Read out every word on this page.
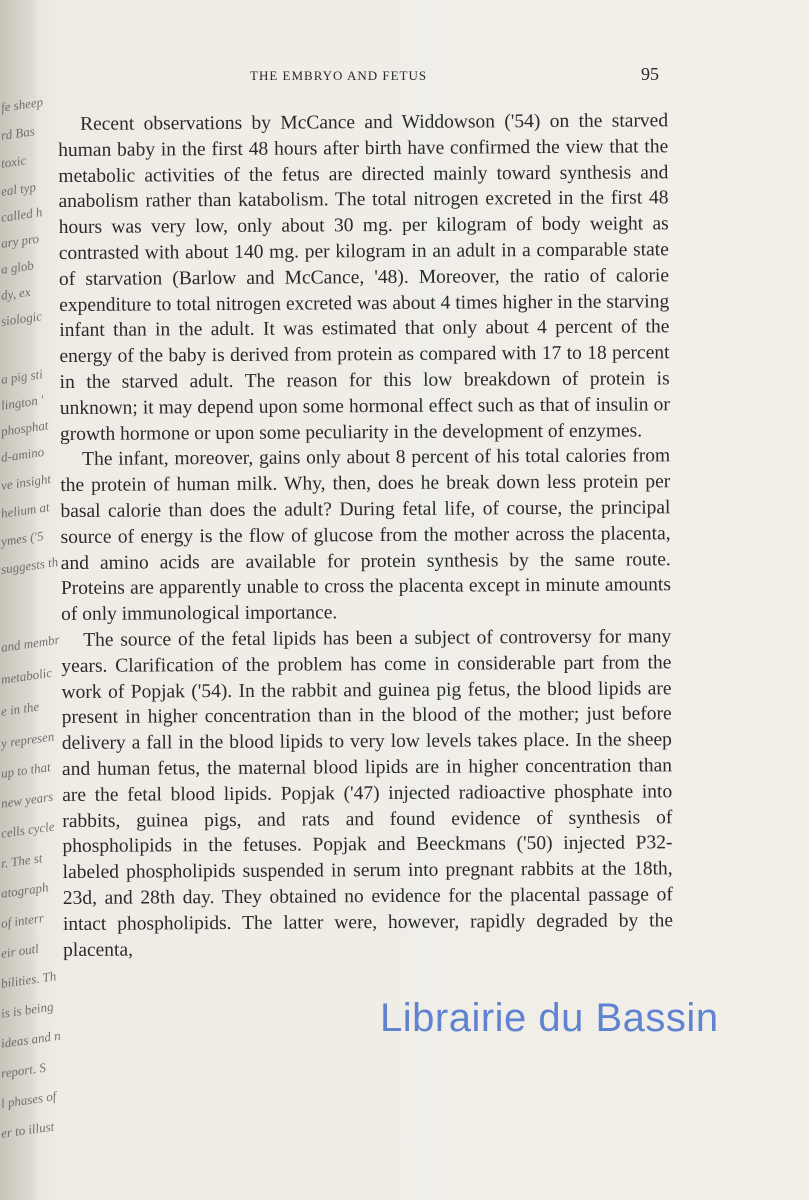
fe sheep
rd Bas
toxic
eal typ
called h
ary pro
a glob
dy, ex
siologic
a pig sti
lington '
phosphat
d-amino
ve insight
helium at
ymes ('5
suggests th
and membr
metabolic
e in the
y represen
up to that
new years
cells cycle
r. The st
atograph
of interr
eir outl
bilities. Th
is is being
ideas and n
report. S
l phases of
er to illust
THE EMBRYO AND FETUS	95

Recent observations by McCance and Widdowson ('54) on the starved human baby in the first 48 hours after birth have confirmed the view that the metabolic activities of the fetus are directed mainly toward synthesis and anabolism rather than katabolism. The total nitrogen excreted in the first 48 hours was very low, only about 30 mg. per kilogram of body weight as contrasted with about 140 mg. per kilogram in an adult in a comparable state of starvation (Barlow and McCance, '48). Moreover, the ratio of calorie expenditure to total nitrogen excreted was about 4 times higher in the starving infant than in the adult. It was estimated that only about 4 percent of the energy of the baby is derived from protein as compared with 17 to 18 percent in the starved adult. The reason for this low breakdown of protein is unknown; it may depend upon some hormonal effect such as that of insulin or growth hormone or upon some peculiarity in the development of enzymes.

The infant, moreover, gains only about 8 percent of his total calories from the protein of human milk. Why, then, does he break down less protein per basal calorie than does the adult? During fetal life, of course, the principal source of energy is the flow of glucose from the mother across the placenta, and amino acids are available for protein synthesis by the same route. Proteins are apparently unable to cross the placenta except in minute amounts of only immunological importance.

The source of the fetal lipids has been a subject of controversy for many years. Clarification of the problem has come in considerable part from the work of Popjak ('54). In the rabbit and guinea pig fetus, the blood lipids are present in higher concentration than in the blood of the mother; just before delivery a fall in the blood lipids to very low levels takes place. In the sheep and human fetus, the maternal blood lipids are in higher concentration than are the fetal blood lipids. Popjak ('47) injected radioactive phosphate into rabbits, guinea pigs, and rats and found evidence of synthesis of phospholipids in the fetuses. Popjak and Beeckmans ('50) injected P32-labeled phospholipids suspended in serum into pregnant rabbits at the 18th, 23d, and 28th day. They obtained no evidence for the placental passage of intact phospholipids. The latter were, however, rapidly degraded by the placenta,

Librairie du Bassin
